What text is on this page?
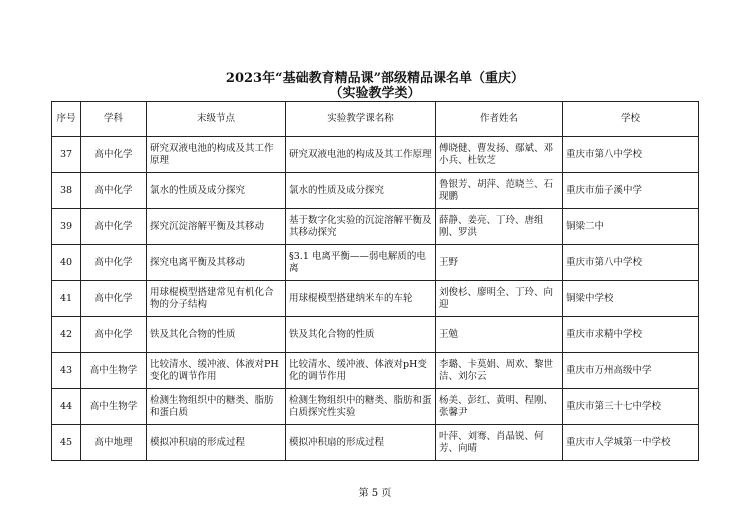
2023年“基础教育精品课”部级精品课名单（重庆）
（实验教学类）
序号	学科	末级节点	实验教学课名称	作者姓名	学校
37	高中化学	研究双液电池的构成及其工作原理	研究双液电池的构成及其工作原理	傅晓健、曹发扬、鄢斌、邓小兵、杜钦芝	重庆市第八中学校
38	高中化学	氯水的性质及成分探究	氯水的性质及成分探究	鲁银芳、胡萍、范晓兰、石现鹏	重庆市茄子溪中学
39	高中化学	探究沉淀溶解平衡及其移动	基于数字化实验的沉淀溶解平衡及其移动探究	薛静、姜亮、丁玲、唐组刚、罗洪	铜梁二中
40	高中化学	探究电离平衡及其移动	§3.1 电离平衡——弱电解质的电离	王野	重庆市第八中学校
41	高中化学	用球棍模型搭建常见有机化合物的分子结构	用球棍模型搭建纳米车的车轮	刘俊杉、廖明全、丁玲、向迎	铜梁中学校
42	高中化学	铁及其化合物的性质	铁及其化合物的性质	王勉	重庆市求精中学校
43	高中生物学	比较清水、缓冲液、体液对PH变化的调节作用	比较清水、缓冲液、体液对pH变化的调节作用	李璐、卡莫娟、周欢、黎世洁、刘尔云	重庆市万州高级中学
44	高中生物学	检测生物组织中的糖类、脂肪和蛋白质	检测生物组织中的糖类、脂肪和蛋白质探究性实验	杨美、彭红、黄明、程刚、张馨尹	重庆市第三十七中学校
45	高中地理	模拟冲积扇的形成过程	模拟冲积扇的形成过程	叶萍、刘骞、肖晶锐、何芳、向晴	重庆市人学城第一中学校
第 5 页
